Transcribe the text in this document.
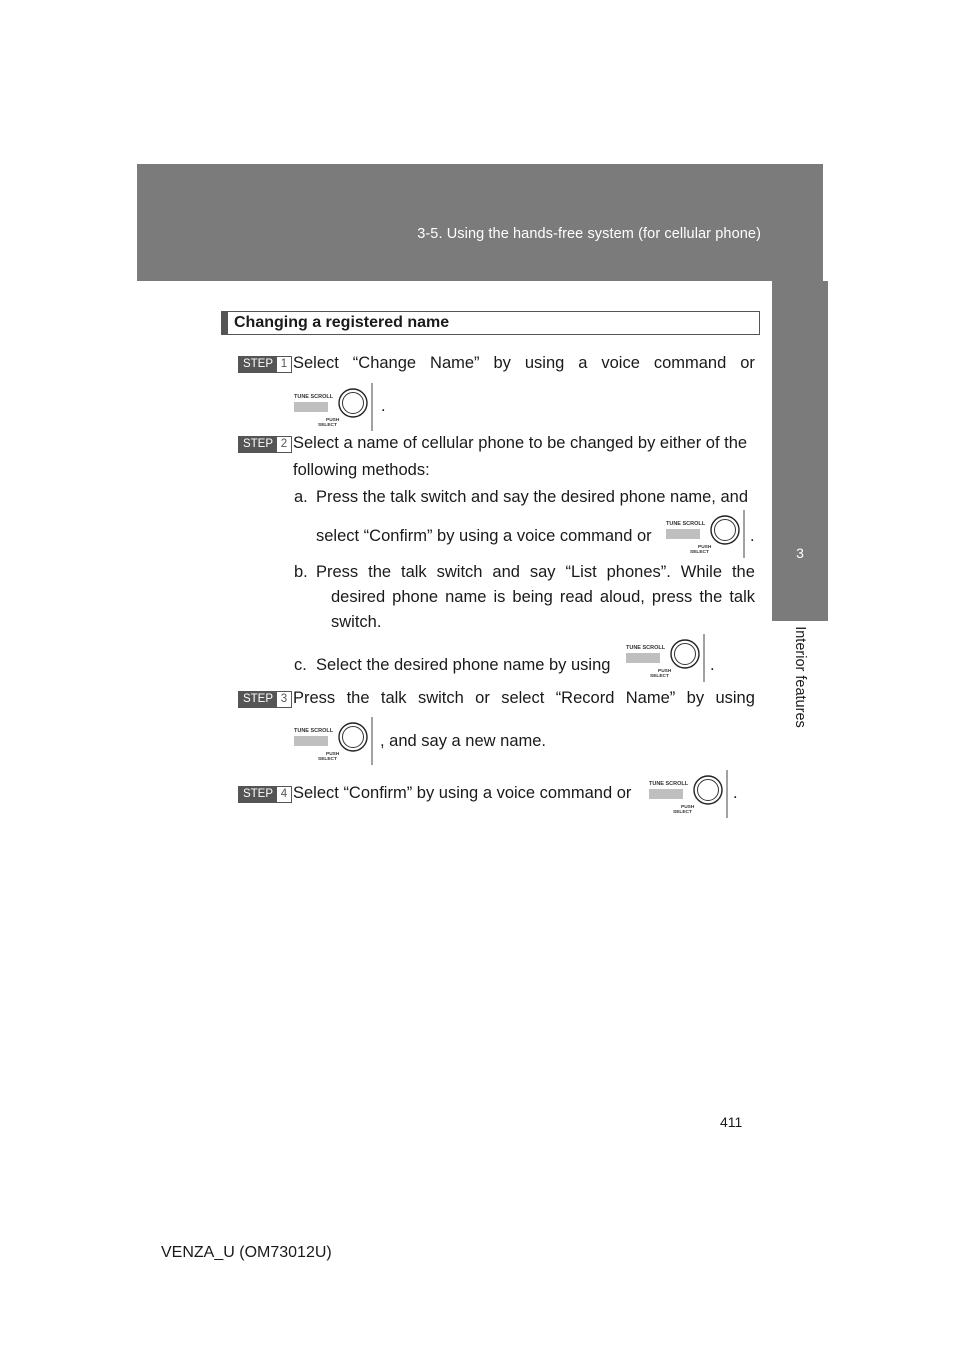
3-5. Using the hands-free system (for cellular phone)
3
Interior features
Changing a registered name
STEP 1 Select “Change Name” by using a voice command or
TUNE SCROLL
PUSH
SELECT
.
STEP 2 Select a name of cellular phone to be changed by either of the
following methods:
a. Press the talk switch and say the desired phone name, and
select “Confirm” by using a voice command or
TUNE SCROLL
PUSH
SELECT
.
b. Press the talk switch and say “List phones”. While the
desired phone name is being read aloud, press the talk
switch.
c. Select the desired phone name by using
TUNE SCROLL
PUSH
SELECT
.
STEP 3 Press the talk switch or select “Record Name” by using
TUNE SCROLL
PUSH
SELECT
, and say a new name.
STEP 4 Select “Confirm” by using a voice command or	TUNE SCROLL
PUSH
SELECT
.
411
VENZA_U (OM73012U)
